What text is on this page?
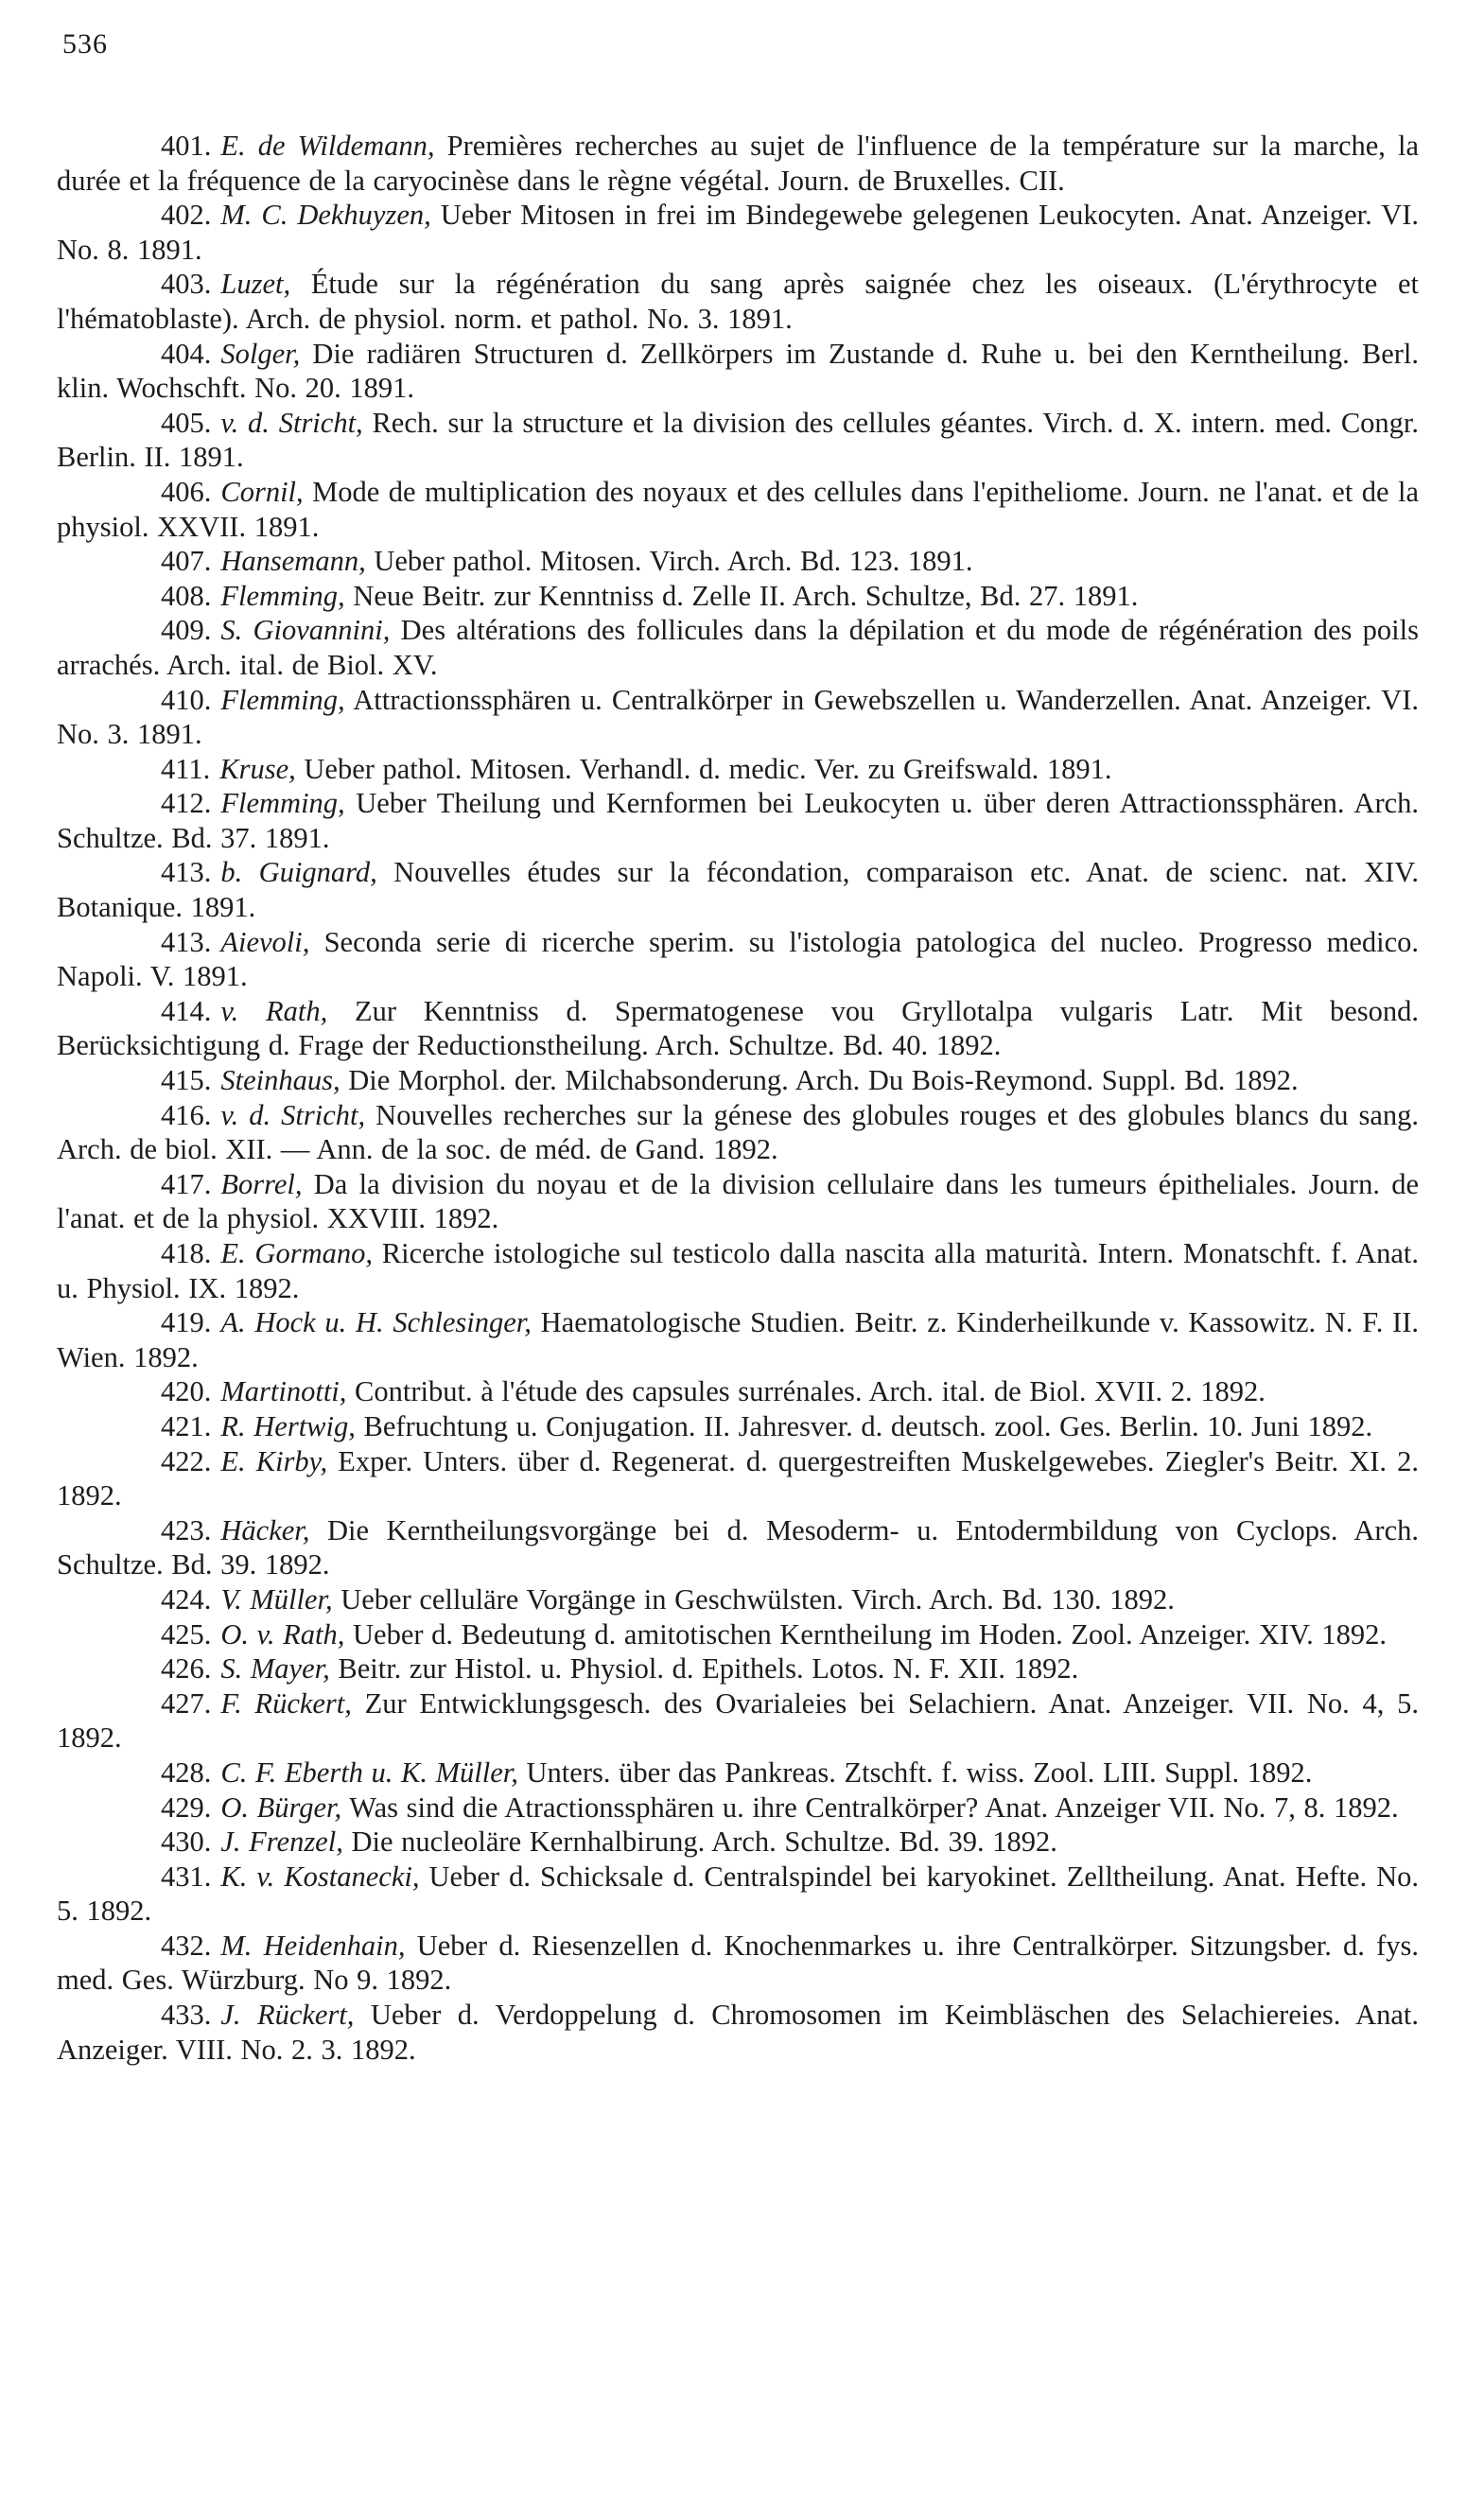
536

401. E. de Wildemann, Premières recherches au sujet de l'influence de la température sur la marche, la durée et la fréquence de la caryocinèse dans le règne végétal. Journ. de Bruxelles. CII.

402. M. C. Dekhuyzen, Ueber Mitosen in frei im Bindegewebe gelegenen Leukocyten. Anat. Anzeiger. VI. No. 8. 1891.

403. Luzet, Étude sur la régénération du sang après saignée chez les oiseaux. (L'érythrocyte et l'hématoblaste). Arch. de physiol. norm. et pathol. No. 3. 1891.

404. Solger, Die radiären Structuren d. Zellkörpers im Zustande d. Ruhe u. bei den Kerntheilung. Berl. klin. Wochschft. No. 20. 1891.

405. v. d. Stricht, Rech. sur la structure et la division des cellules géantes. Virch. d. X. intern. med. Congr. Berlin. II. 1891.

406. Cornil, Mode de multiplication des noyaux et des cellules dans l'epitheliome. Journ. ne l'anat. et de la physiol. XXVII. 1891.

407. Hansemann, Ueber pathol. Mitosen. Virch. Arch. Bd. 123. 1891.

408. Flemming, Neue Beitr. zur Kenntniss d. Zelle II. Arch. Schultze, Bd. 27. 1891.

409. S. Giovannini, Des altérations des follicules dans la dépilation et du mode de régénération des poils arrachés. Arch. ital. de Biol. XV.

410. Flemming, Attractionssphären u. Centralkörper in Gewebszellen u. Wanderzellen. Anat. Anzeiger. VI. No. 3. 1891.

411. Kruse, Ueber pathol. Mitosen. Verhandl. d. medic. Ver. zu Greifswald. 1891.

412. Flemming, Ueber Theilung und Kernformen bei Leukocyten u. über deren Attractionssphären. Arch. Schultze. Bd. 37. 1891.

413. b. Guignard, Nouvelles études sur la fécondation, comparaison etc. Anat. de scienc. nat. XIV. Botanique. 1891.

413. Aievoli, Seconda serie di ricerche sperim. su l'istologia patologica del nucleo. Progresso medico. Napoli. V. 1891.

414. v. Rath, Zur Kenntniss d. Spermatogenese vou Gryllotalpa vulgaris Latr. Mit besond. Berücksichtigung d. Frage der Reductionstheilung. Arch. Schultze. Bd. 40. 1892.

415. Steinhaus, Die Morphol. der. Milchabsonderung. Arch. Du Bois-Reymond. Suppl. Bd. 1892.

416. v. d. Stricht, Nouvelles recherches sur la génese des globules rouges et des globules blancs du sang. Arch. de biol. XII. — Ann. de la soc. de méd. de Gand. 1892.

417. Borrel, Da la division du noyau et de la division cellulaire dans les tumeurs épitheliales. Journ. de l'anat. et de la physiol. XXVIII. 1892.

418. E. Gormano, Ricerche istologiche sul testicolo dalla nascita alla maturità. Intern. Monatschft. f. Anat. u. Physiol. IX. 1892.

419. A. Hock u. H. Schlesinger, Haematologische Studien. Beitr. z. Kinderheilkunde v. Kassowitz. N. F. II. Wien. 1892.

420. Martinotti, Contribut. à l'étude des capsules surrénales. Arch. ital. de Biol. XVII. 2. 1892.

421. R. Hertwig, Befruchtung u. Conjugation. II. Jahresver. d. deutsch. zool. Ges. Berlin. 10. Juni 1892.

422. E. Kirby, Exper. Unters. über d. Regenerat. d. quergestreiften Muskelgewebes. Ziegler's Beitr. XI. 2. 1892.

423. Häcker, Die Kerntheilungsvorgänge bei d. Mesoderm- u. Entodermbildung von Cyclops. Arch. Schultze. Bd. 39. 1892.

424. V. Müller, Ueber celluläre Vorgänge in Geschwülsten. Virch. Arch. Bd. 130. 1892.

425. O. v. Rath, Ueber d. Bedeutung d. amitotischen Kerntheilung im Hoden. Zool. Anzeiger. XIV. 1892.

426. S. Mayer, Beitr. zur Histol. u. Physiol. d. Epithels. Lotos. N. F. XII. 1892.

427. F. Rückert, Zur Entwicklungsgesch. des Ovarialeies bei Selachiern. Anat. Anzeiger. VII. No. 4, 5. 1892.

428. C. F. Eberth u. K. Müller, Unters. über das Pankreas. Ztschft. f. wiss. Zool. LIII. Suppl. 1892.

429. O. Bürger, Was sind die Atractionssphären u. ihre Centralkörper? Anat. Anzeiger VII. No. 7, 8. 1892.

430. J. Frenzel, Die nucleoläre Kernhalbirung. Arch. Schultze. Bd. 39. 1892.

431. K. v. Kostanecki, Ueber d. Schicksale d. Centralspindel bei karyokinet. Zelltheilung. Anat. Hefte. No. 5. 1892.

432. M. Heidenhain, Ueber d. Riesenzellen d. Knochenmarkes u. ihre Centralkörper. Sitzungsber. d. fys. med. Ges. Würzburg. No 9. 1892.

433. J. Rückert, Ueber d. Verdoppelung d. Chromosomen im Keimbläschen des Selachiereies. Anat. Anzeiger. VIII. No. 2. 3. 1892.
